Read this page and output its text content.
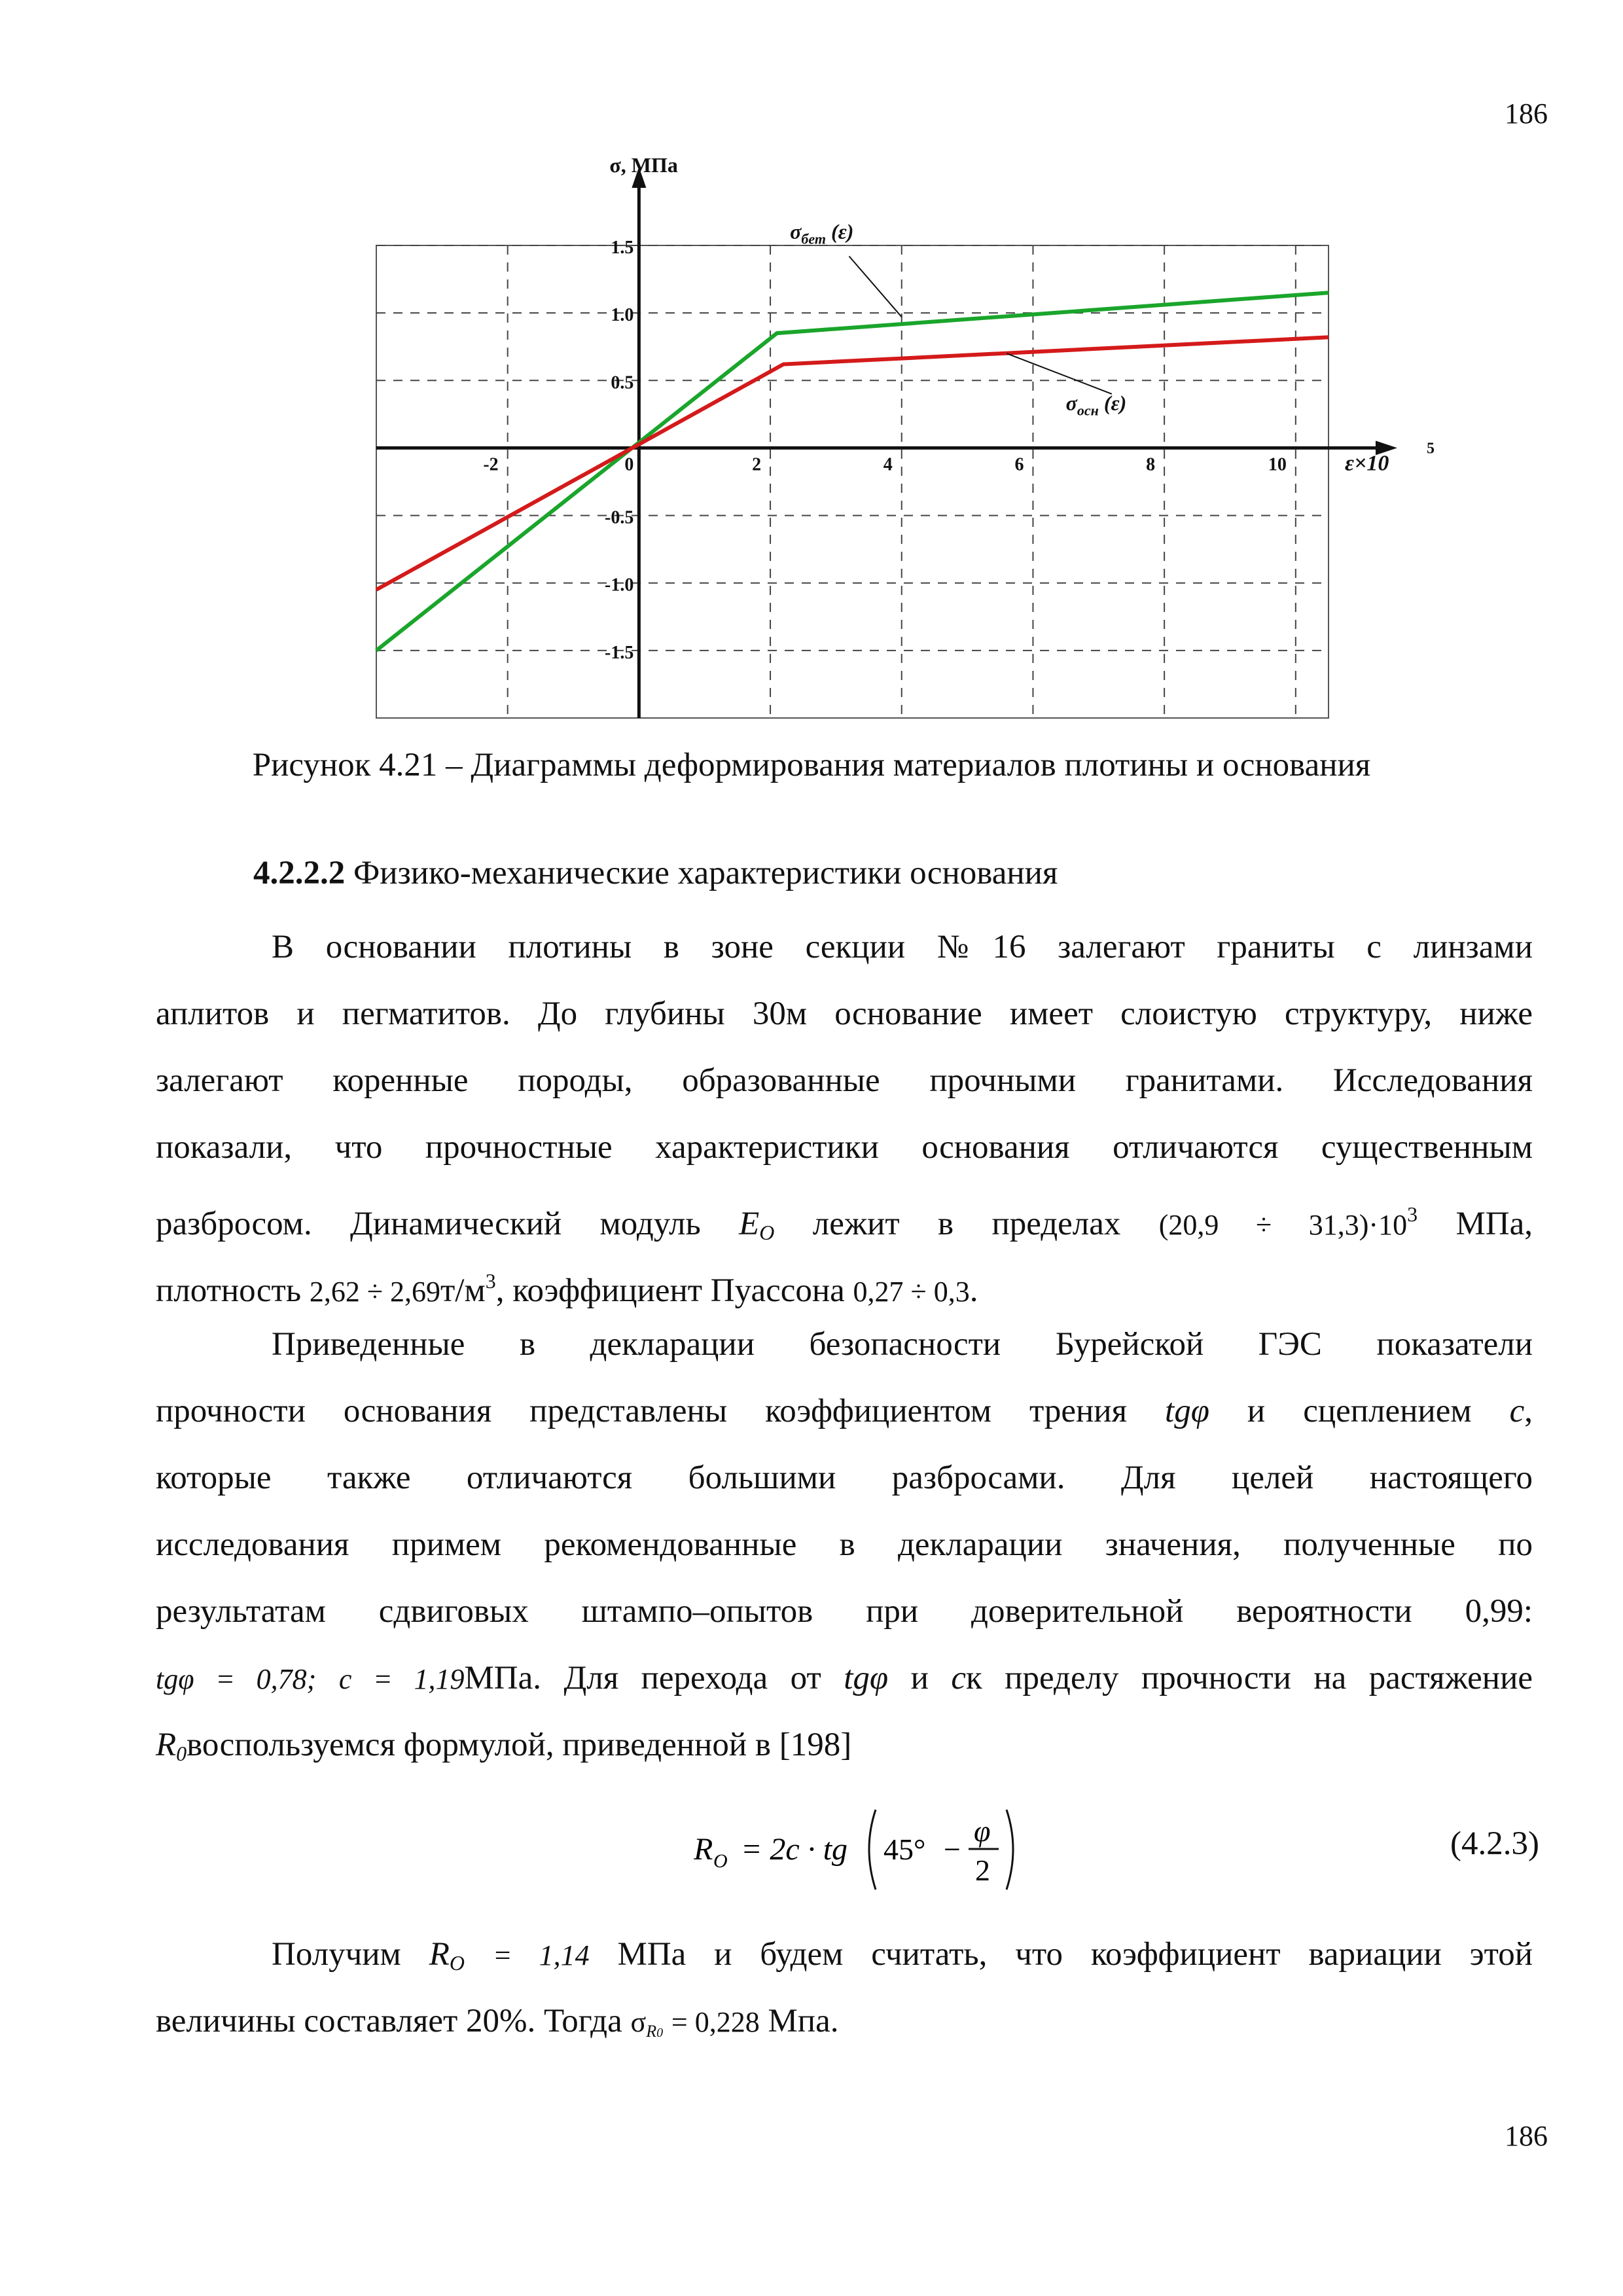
186
186
-2	2	4	6	8	10
1.5
1.0
0.5
-0.5
-1.0
-1.5
0
σ, МПа
ε×10
5
$\sigma_{бет}$ (ε)
$\sigma_{осн}$ (ε)
Рисунок 4.21 – Диаграммы деформирования материалов плотины и основания
4.2.2.2 Физико-механические характеристики основания
В основании плотины в зоне секции №16 залегают граниты с линзами
аплитов и пегматитов. До глубины 30м основание имеет слоистую структуру, ниже
залегают коренные породы, образованные прочными гранитами. Исследования
показали, что прочностные характеристики основания отличаются существенным
разбросом. Динамический модуль $E_O$ лежит в пределах $(20,9 \div 31,3)\cdot 10^3$ МПа,
плотность $2,62 \div 2,69т/м^3$, коэффициент Пуассона 0,27 ÷ 0,3.
Приведенные в декларации безопасности Бурейской ГЭС показатели
прочности основания представлены коэффициентом трения tgφ и сцеплением c,
которые также отличаются большими разбросами. Для целей настоящего
исследования примем рекомендованные в декларации значения, полученные по
результатам сдвиговых штампо–опытов при доверительной вероятности 0,99:
tgφ = 0,78; c = 1,19МПа. Для перехода от tgφ и cк пределу прочности на растяжение
$R_0воспользуемся$ формулой, приведенной в [198]
R O = 2c · tg 45° −
φ
2
(4.2.3)
Получим $R_O = 1,14$ МПа и будем считать, что коэффициент вариации этой
величины составляет 20%. Тогда $\sigma_{R0} = 0,228$ Мпа.
